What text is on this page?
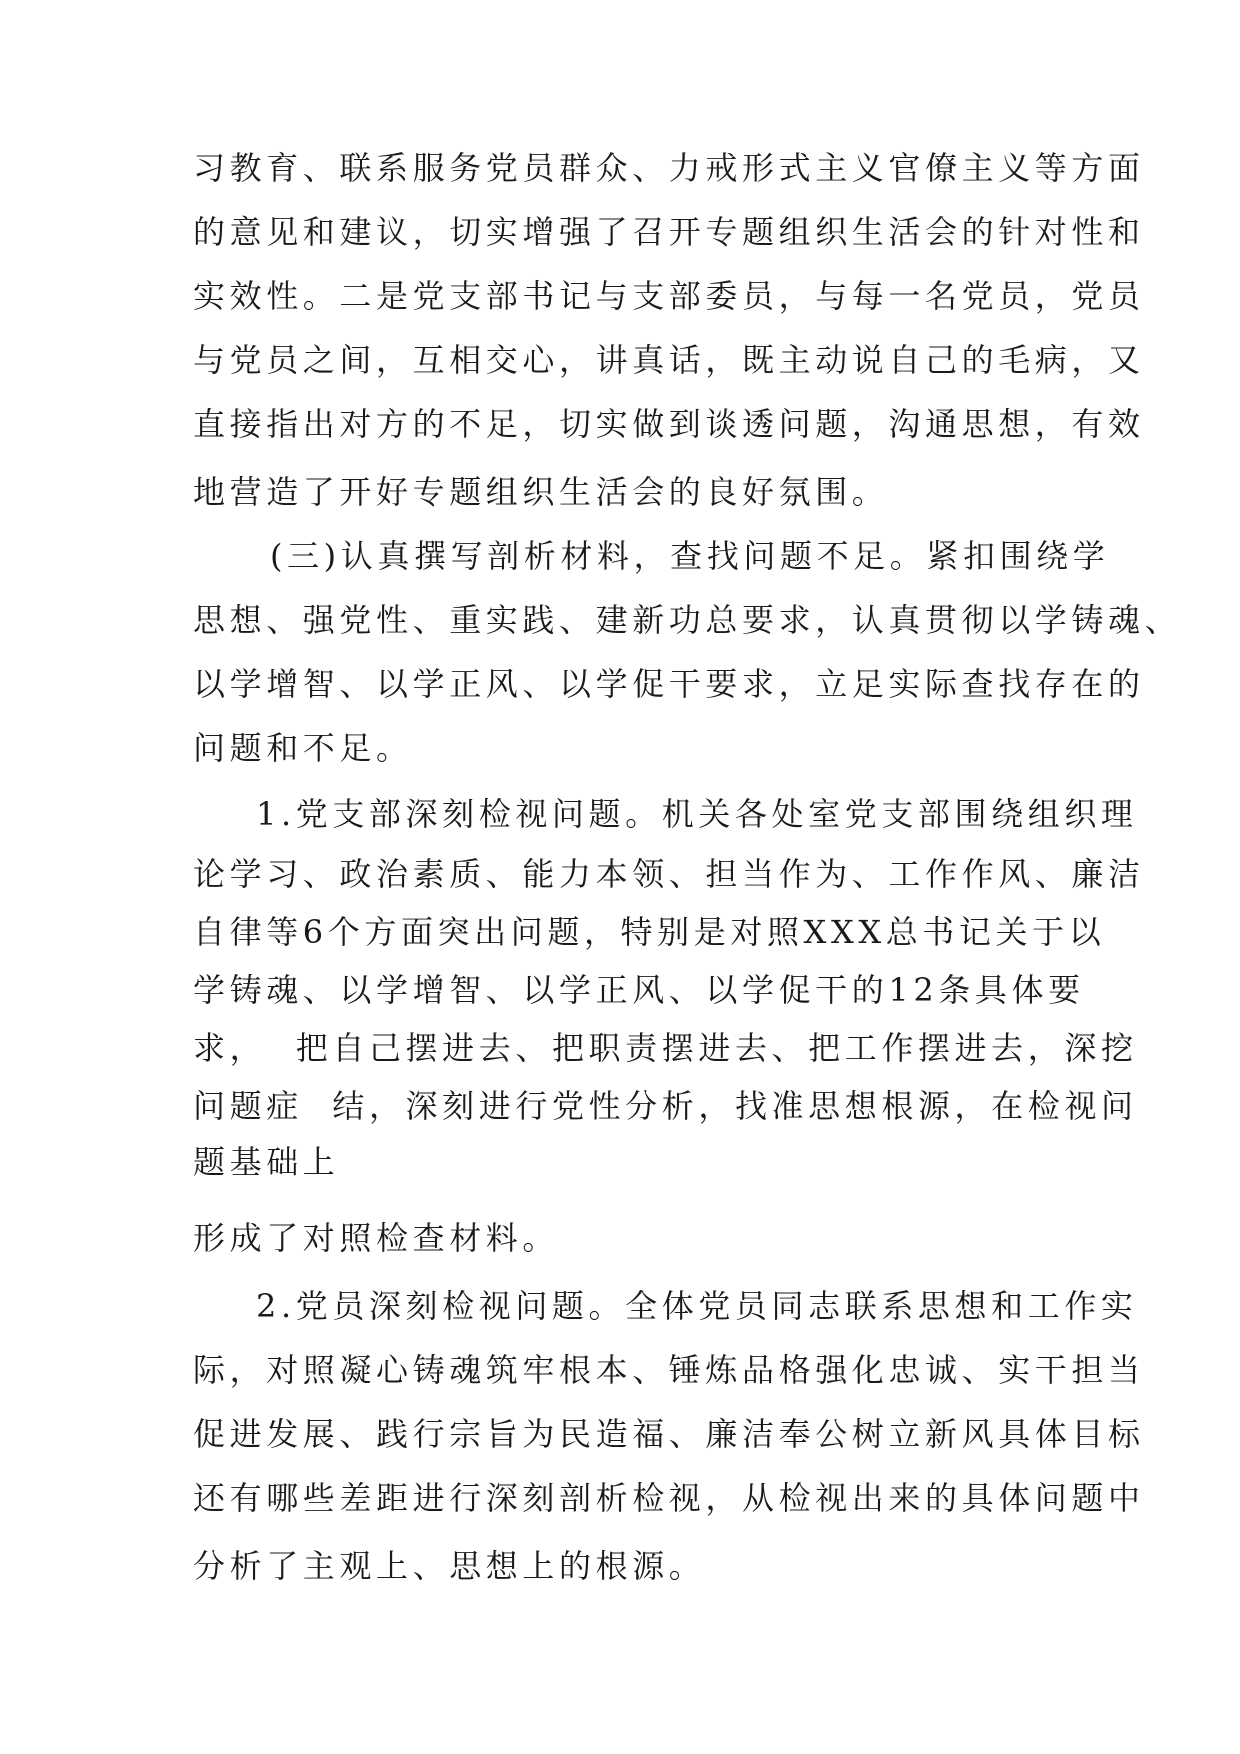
习教育、联系服务党员群众、力戒形式主义官僚主义等方面
的意见和建议，切实增强了召开专题组织生活会的针对性和
实效性。二是党支部书记与支部委员，与每一名党员，党员
与党员之间，互相交心，讲真话，既主动说自己的毛病，又
直接指出对方的不足，切实做到谈透问题，沟通思想，有效
地营造了开好专题组织生活会的良好氛围。
(三)认真撰写剖析材料，查找问题不足。紧扣围绕学
思想、强党性、重实践、建新功总要求，认真贯彻以学铸魂、
以学增智、以学正风、以学促干要求，立足实际查找存在的
问题和不足。
1.党支部深刻检视问题。机关各处室党支部围绕组织理
论学习、政治素质、能力本领、担当作为、工作作风、廉洁
自律等6个方面突出问题，特别是对照XXX总书记关于以
学铸魂、以学增智、以学正风、以学促干的12条具体要
求，  把自己摆进去、把职责摆进去、把工作摆进去，深挖
问题症  结，深刻进行党性分析，找准思想根源，在检视问
题基础上
形成了对照检查材料。
2.党员深刻检视问题。全体党员同志联系思想和工作实
际，对照凝心铸魂筑牢根本、锤炼品格强化忠诚、实干担当
促进发展、践行宗旨为民造福、廉洁奉公树立新风具体目标
还有哪些差距进行深刻剖析检视，从检视出来的具体问题中
分析了主观上、思想上的根源。
